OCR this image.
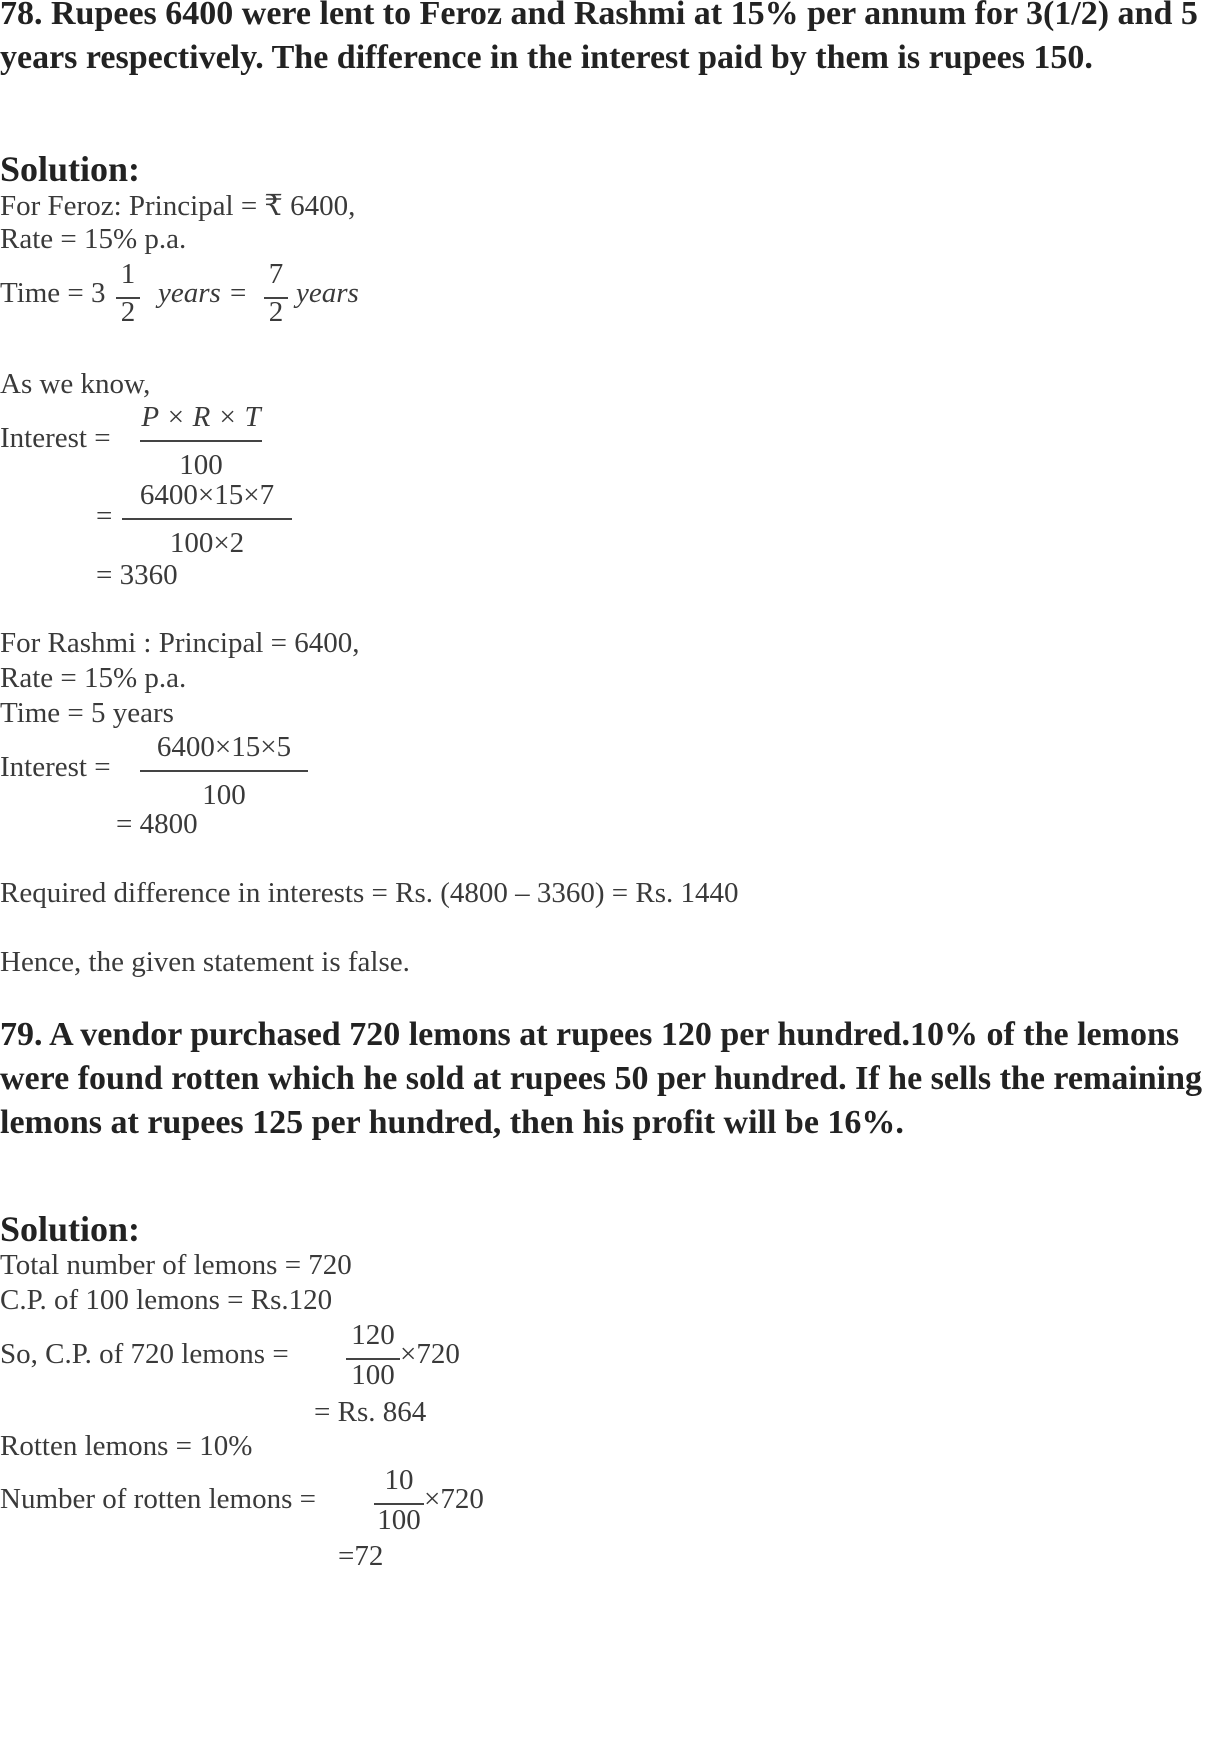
78. Rupees 6400 were lent to Feroz and Rashmi at 15% per annum for 3(1/2) and 5 years respectively. The difference in the interest paid by them is rupees 150.
Solution:
For Feroz: Principal = ₹ 6400,
Rate = 15% p.a.
Time = 3
1
2
years =
7
2
years
As we know,
Interest =
P × R × T
100
=
6400×15×7
100×2
= 3360
For Rashmi : Principal = 6400,
Rate = 15% p.a.
Time = 5 years
Interest =
6400×15×5
100
= 4800
Required difference in interests = Rs. (4800 – 3360) = Rs. 1440
Hence, the given statement is false.
79. A vendor purchased 720 lemons at rupees 120 per hundred.10% of the lemons were found rotten which he sold at rupees 50 per hundred. If he sells the remaining lemons at rupees 125 per hundred, then his profit will be 16%.
Solution:
Total number of lemons = 720
C.P. of 100 lemons = Rs.120
So, C.P. of 720 lemons =
120
100
×720
= Rs. 864
Rotten lemons = 10%
Number of rotten lemons =
10
100
×720
=72
